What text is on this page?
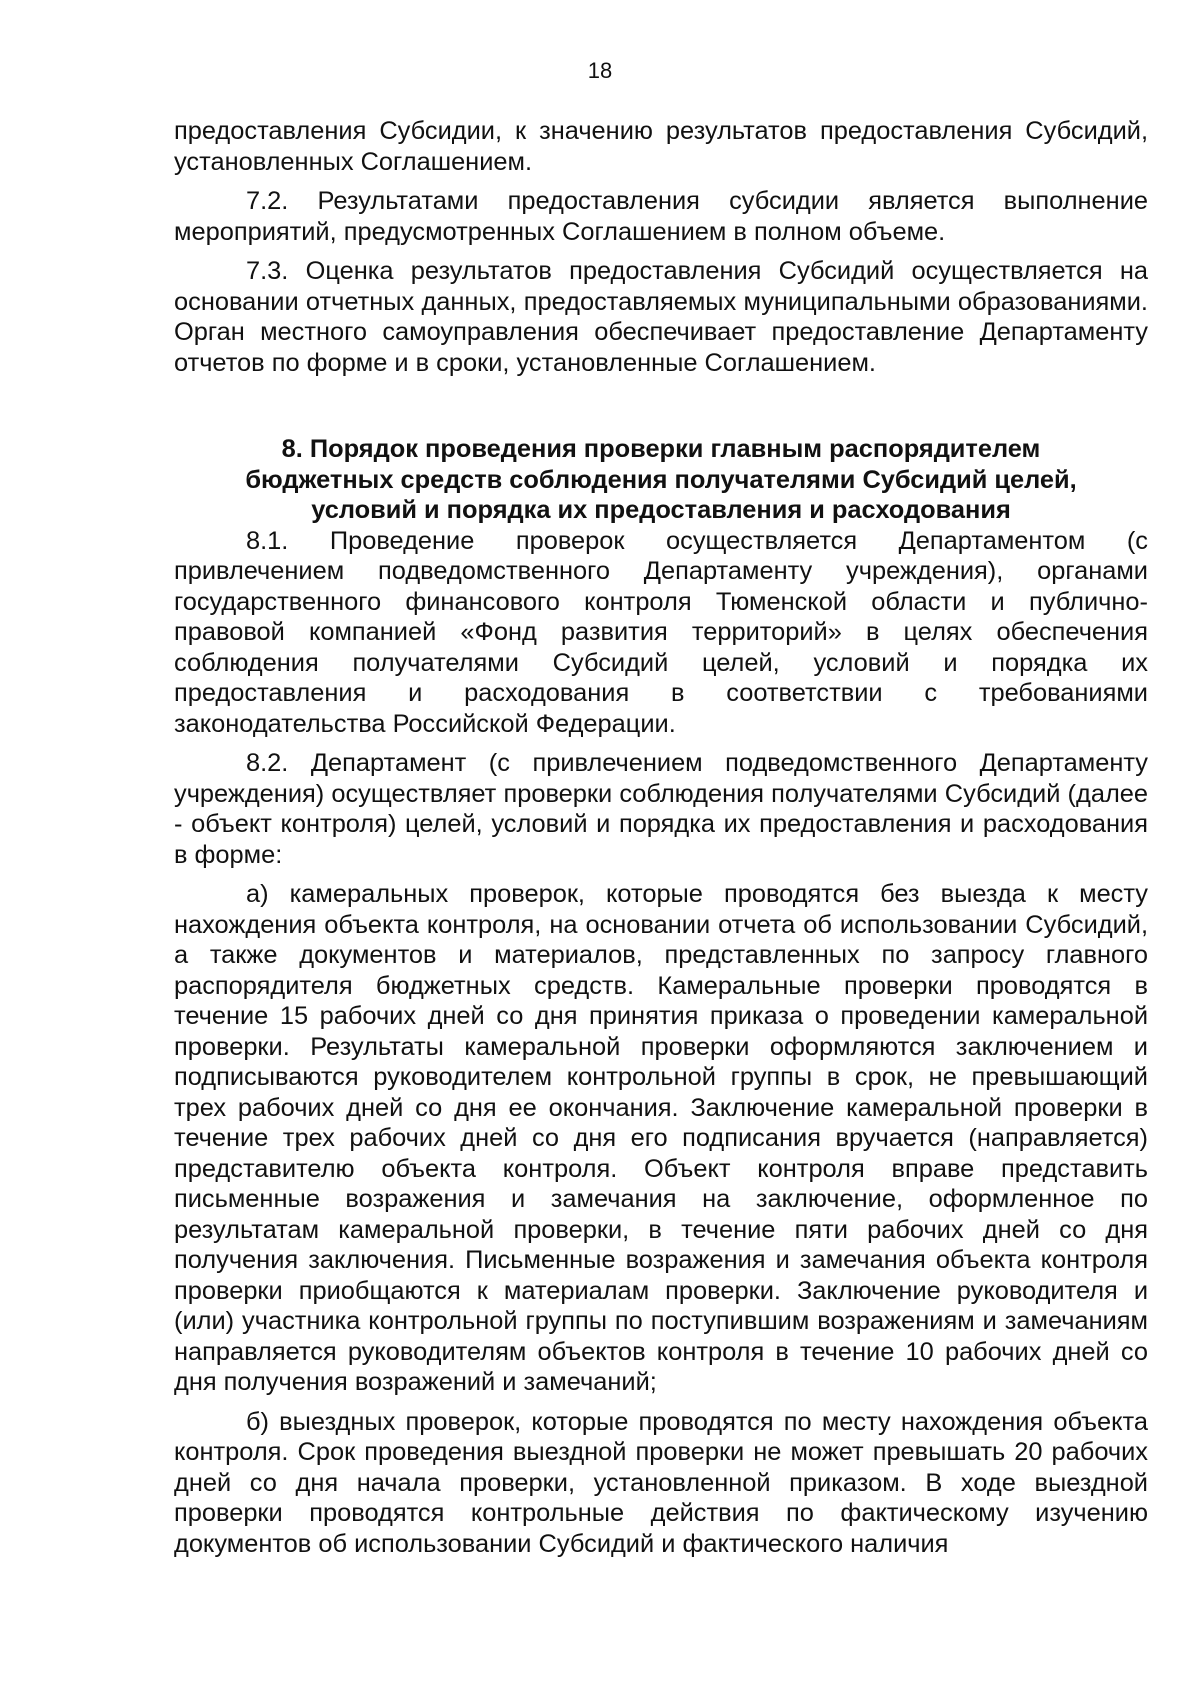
18

предоставления Субсидии, к значению результатов предоставления Субсидий, установленных Соглашением.

7.2. Результатами предоставления субсидии является выполнение мероприятий, предусмотренных Соглашением в полном объеме.

7.3. Оценка результатов предоставления Субсидий осуществляется на основании отчетных данных, предоставляемых муниципальными образованиями. Орган местного самоуправления обеспечивает предоставление Департаменту отчетов по форме и в сроки, установленные Соглашением.

8. Порядок проведения проверки главным распорядителем бюджетных средств соблюдения получателями Субсидий целей, условий и порядка их предоставления и расходования

8.1. Проведение проверок осуществляется Департаментом (с привлечением подведомственного Департаменту учреждения), органами государственного финансового контроля Тюменской области и публично-правовой компанией «Фонд развития территорий» в целях обеспечения соблюдения получателями Субсидий целей, условий и порядка их предоставления и расходования в соответствии с требованиями законодательства Российской Федерации.

8.2. Департамент (с привлечением подведомственного Департаменту учреждения) осуществляет проверки соблюдения получателями Субсидий (далее - объект контроля) целей, условий и порядка их предоставления и расходования в форме:

а) камеральных проверок, которые проводятся без выезда к месту нахождения объекта контроля, на основании отчета об использовании Субсидий, а также документов и материалов, представленных по запросу главного распорядителя бюджетных средств. Камеральные проверки проводятся в течение 15 рабочих дней со дня принятия приказа о проведении камеральной проверки. Результаты камеральной проверки оформляются заключением и подписываются руководителем контрольной группы в срок, не превышающий трех рабочих дней со дня ее окончания. Заключение камеральной проверки в течение трех рабочих дней со дня его подписания вручается (направляется) представителю объекта контроля. Объект контроля вправе представить письменные возражения и замечания на заключение, оформленное по результатам камеральной проверки, в течение пяти рабочих дней со дня получения заключения. Письменные возражения и замечания объекта контроля проверки приобщаются к материалам проверки. Заключение руководителя и (или) участника контрольной группы по поступившим возражениям и замечаниям направляется руководителям объектов контроля в течение 10 рабочих дней со дня получения возражений и замечаний;

б) выездных проверок, которые проводятся по месту нахождения объекта контроля. Срок проведения выездной проверки не может превышать 20 рабочих дней со дня начала проверки, установленной приказом. В ходе выездной проверки проводятся контрольные действия по фактическому изучению документов об использовании Субсидий и фактического наличия
